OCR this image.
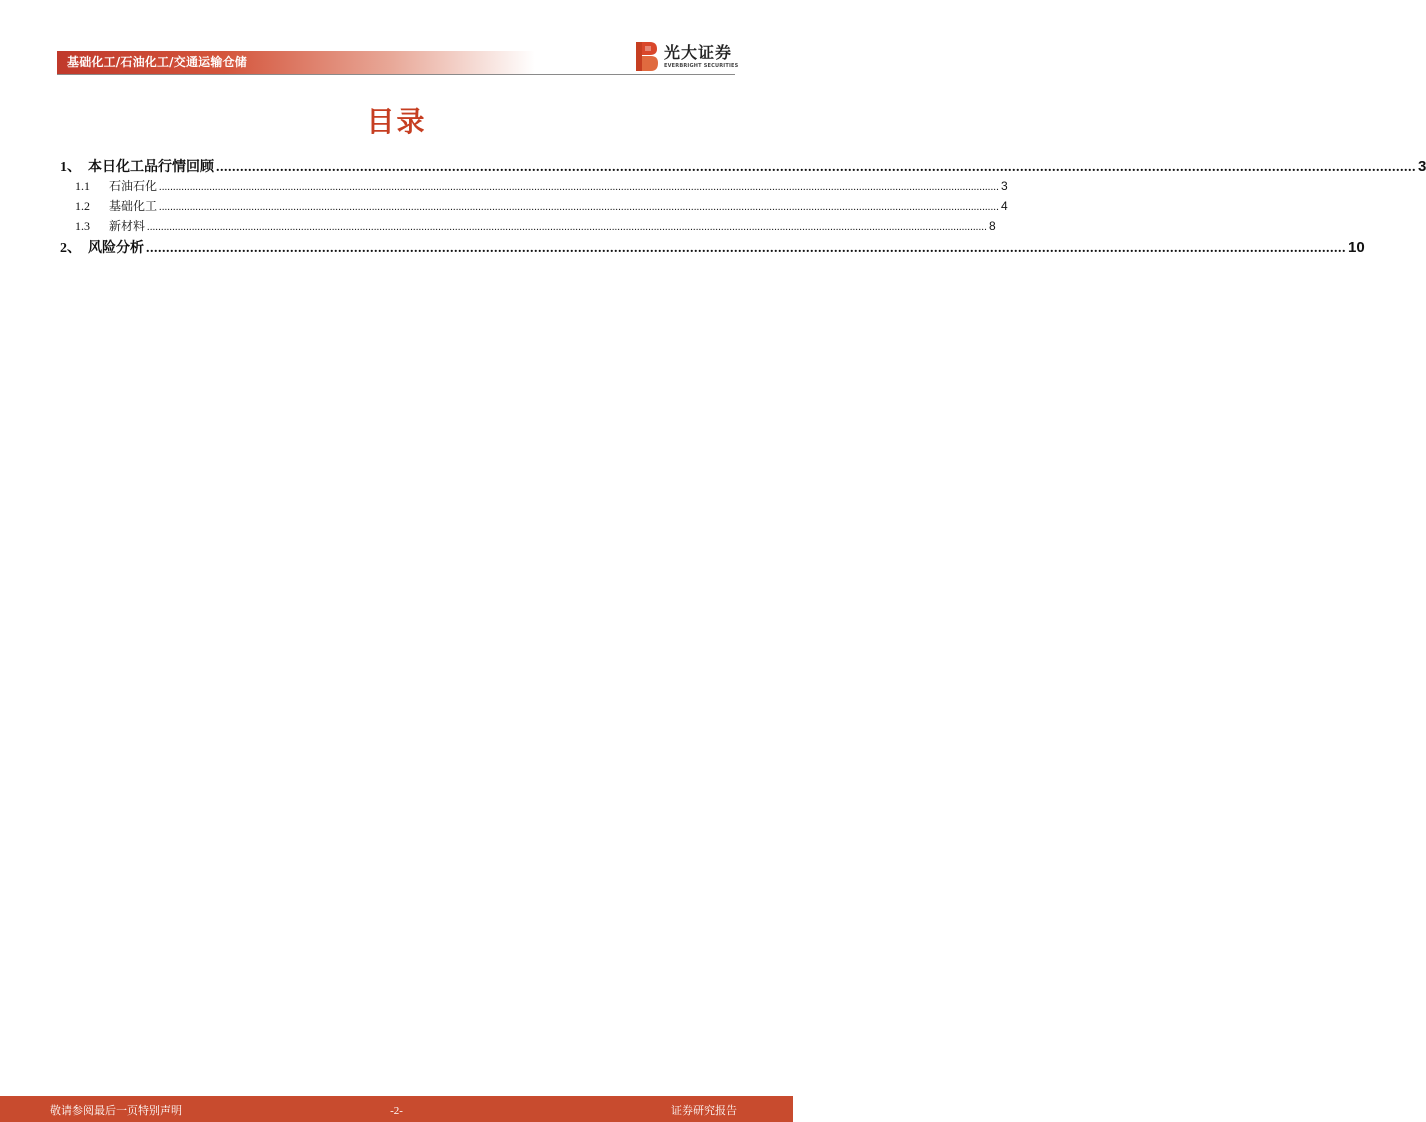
基础化工/石油化工/交通运输仓储	光大证券
EVERBRIGHT SECURITIES
目录
1、 本日化工品行情回顾 ............................................................................................................................................................................................................................................................................................................ 3
1.1	石油石化 ............................................................................................................................................................................................................................................................................................................ 3
1.2	基础化工 ............................................................................................................................................................................................................................................................................................................ 4
1.3	新材料 ............................................................................................................................................................................................................................................................................................................ 8
2、 风险分析 ............................................................................................................................................................................................................................................................................................................ 10
敬请参阅最后一页特别声明	-2-	证券研究报告
